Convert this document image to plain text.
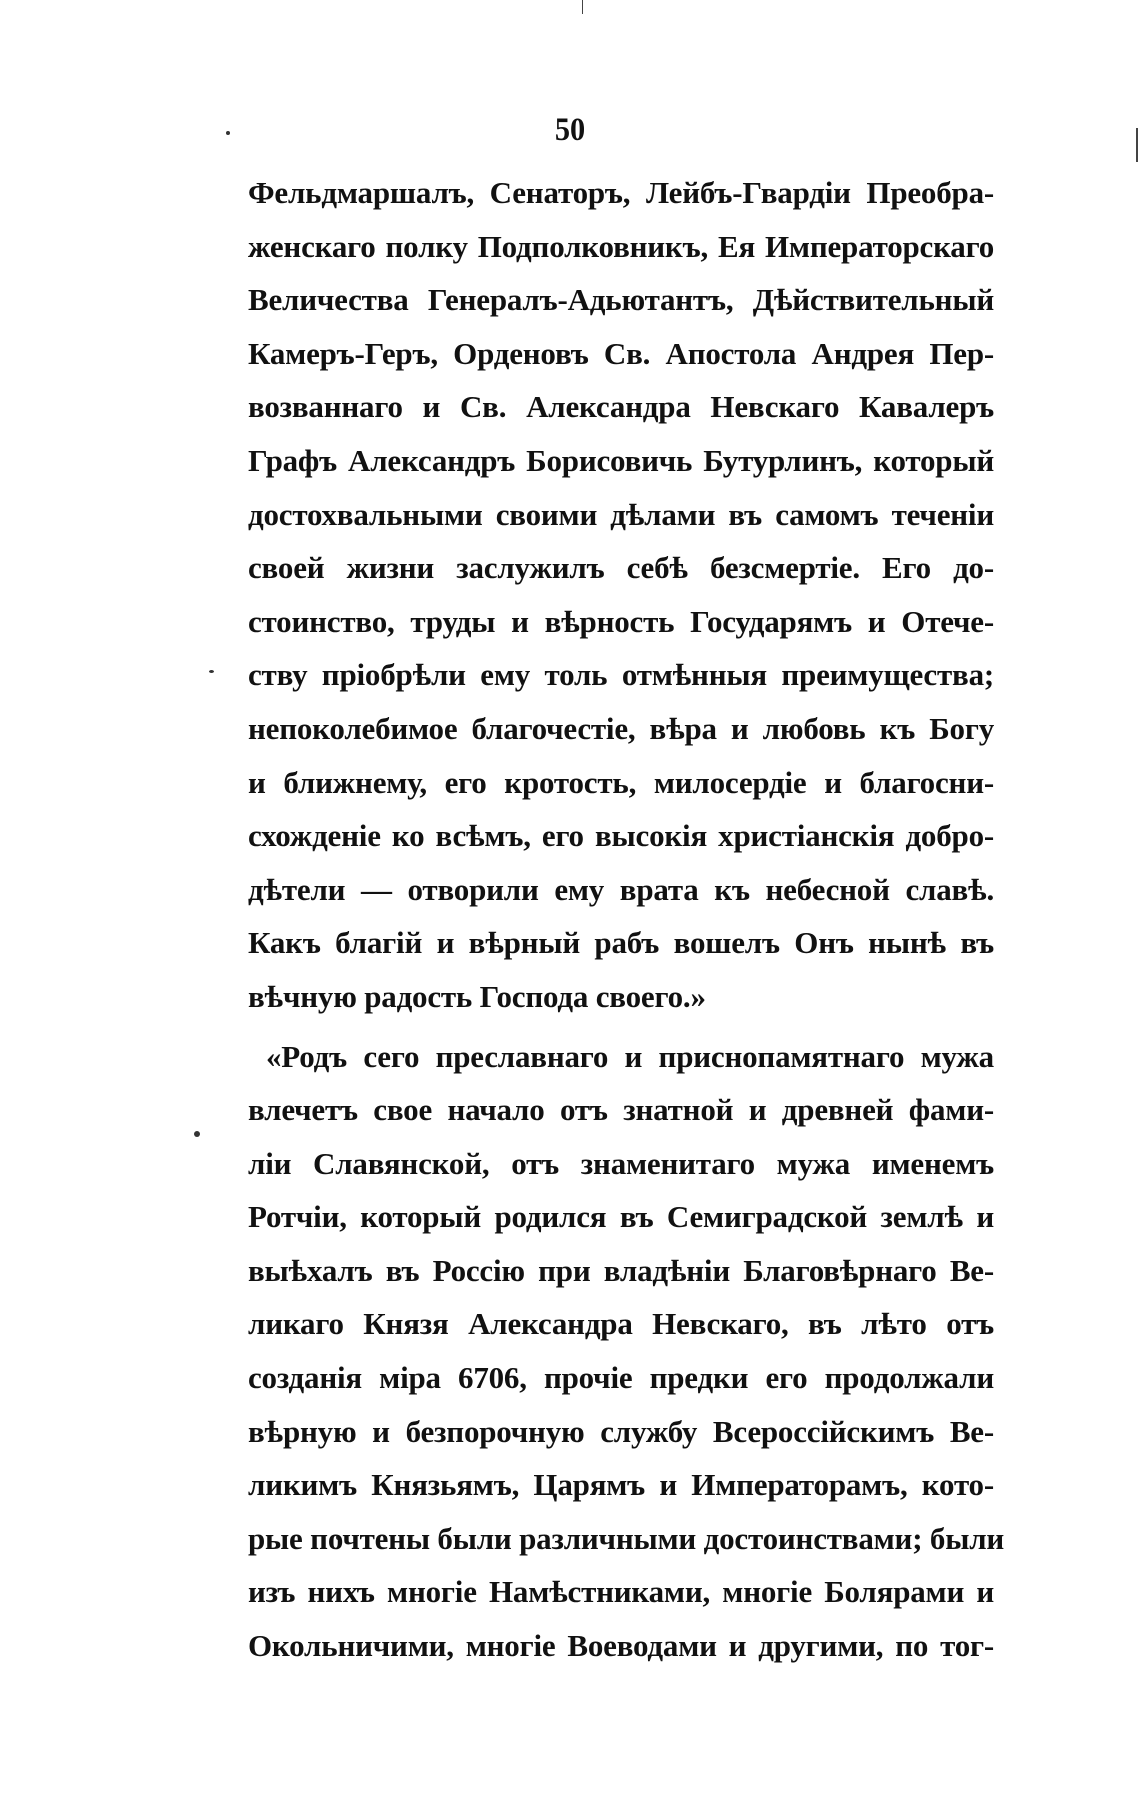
50
Фельдмаршалъ, Сенаторъ, Лейбъ-Гвардіи Преобра-
женскаго полку Подполковникъ, Ея Императорскаго
Величества Генералъ-Адьютантъ, Дѣйствительный
Камеръ-Геръ, Орденовъ Св. Апостола Андрея Пер-
возваннаго и Св. Александра Невскаго Кавалеръ
Графъ Александръ Борисовичь Бутурлинъ, который
достохвальными своими дѣлами въ самомъ теченіи
своей жизни заслужилъ себѣ безсмертіе. Его до-
стоинство, труды и вѣрность Государямъ и Отече-
ству пріобрѣли ему толь отмѣнныя преимущества;
непоколебимое благочестіе, вѣра и любовь къ Богу
и ближнему, его кротость, милосердіе и благосни-
схожденіе ко всѣмъ, его высокія христіанскія добро-
дѣтели — отворили ему врата къ небесной славѣ.
Какъ благій и вѣрный рабъ вошелъ Онъ нынѣ въ
вѣчную радость Господа своего.»
«Родъ сего преславнаго и приснопамятнаго мужа
влечетъ свое начало отъ знатной и древней фами-
ліи Славянской, отъ знаменитаго мужа именемъ
Ротчіи, который родился въ Семиградской землѣ и
выѣхалъ въ Россію при владѣніи Благовѣрнаго Ве-
ликаго Князя Александра Невскаго, въ лѣто отъ
созданія міра 6706, прочіе предки его продолжали
вѣрную и безпорочную службу Всероссійскимъ Ве-
ликимъ Князьямъ, Царямъ и Императорамъ, кото-
рые почтены были различными достоинствами; были
изъ нихъ многіе Намѣстниками, многіе Болярами и
Окольничими, многіе Воеводами и другими, по тог-
